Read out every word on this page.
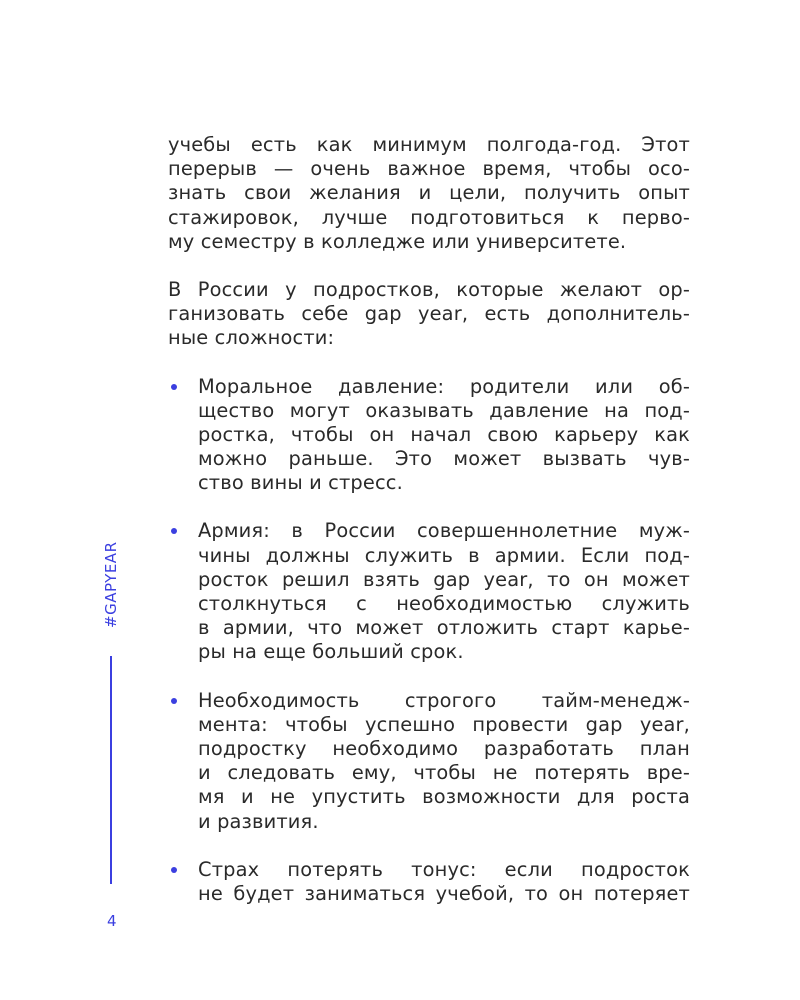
учебы есть как минимум полгода-год. Этот
перерыв — очень важное время, чтобы осо-
знать свои желания и цели, получить опыт
стажировок, лучше подготовиться к перво-
му семестру в колледже или университете.
В России у подростков, которые желают ор-
ганизовать себе gap year, есть дополнитель-
ные сложности:
Моральное давление: родители или об-
щество могут оказывать давление на под-
ростка, чтобы он начал свою карьеру как
можно раньше. Это может вызвать чув-
ство вины и стресс.
Армия: в России совершеннолетние муж-
чины должны служить в армии. Если под-
росток решил взять gap year, то он может
столкнуться с необходимостью служить
в армии, что может отложить старт карье-
ры на еще больший срок.
Необходимость строгого тайм-менедж-
мента: чтобы успешно провести gap year,
подростку необходимо разработать план
и следовать ему, чтобы не потерять вре-
мя и не упустить возможности для роста
и развития.
Страх потерять тонус: если подросток
не будет заниматься учебой, то он потеряет
#GAPYEAR
4
